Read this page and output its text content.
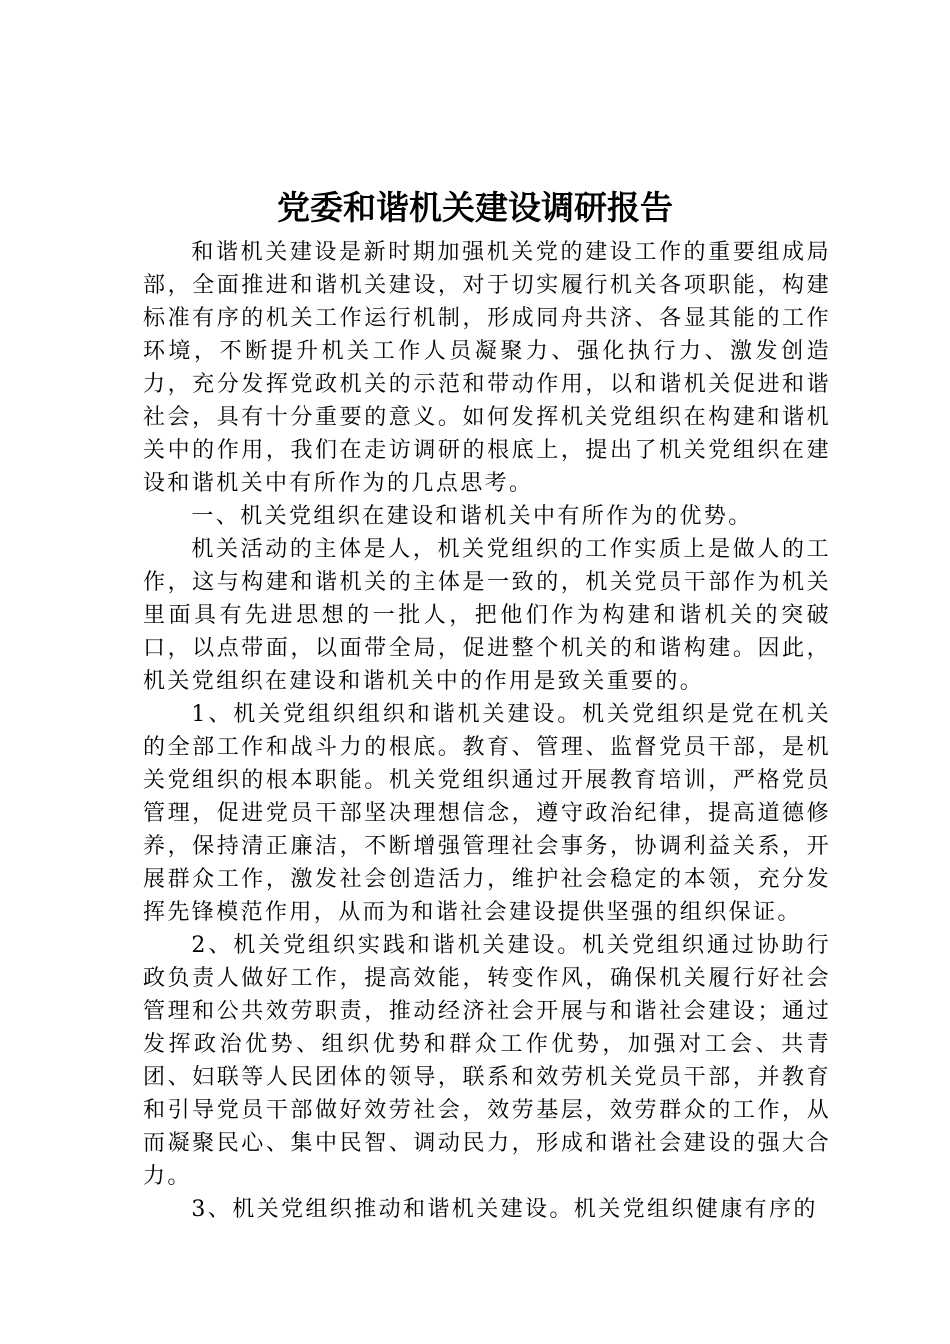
党委和谐机关建设调研报告

和谐机关建设是新时期加强机关党的建设工作的重要组成局部，全面推进和谐机关建设，对于切实履行机关各项职能，构建标准有序的机关工作运行机制，形成同舟共济、各显其能的工作环境，不断提升机关工作人员凝聚力、强化执行力、激发创造力，充分发挥党政机关的示范和带动作用，以和谐机关促进和谐社会，具有十分重要的意义。如何发挥机关党组织在构建和谐机关中的作用，我们在走访调研的根底上，提出了机关党组织在建设和谐机关中有所作为的几点思考。

一、机关党组织在建设和谐机关中有所作为的优势。

机关活动的主体是人，机关党组织的工作实质上是做人的工作，这与构建和谐机关的主体是一致的，机关党员干部作为机关里面具有先进思想的一批人，把他们作为构建和谐机关的突破口，以点带面，以面带全局，促进整个机关的和谐构建。因此，机关党组织在建设和谐机关中的作用是致关重要的。

1、机关党组织组织和谐机关建设。机关党组织是党在机关的全部工作和战斗力的根底。教育、管理、监督党员干部，是机关党组织的根本职能。机关党组织通过开展教育培训，严格党员管理，促进党员干部坚决理想信念，遵守政治纪律，提高道德修养，保持清正廉洁，不断增强管理社会事务，协调利益关系，开展群众工作，激发社会创造活力，维护社会稳定的本领，充分发挥先锋模范作用，从而为和谐社会建设提供坚强的组织保证。

2、机关党组织实践和谐机关建设。机关党组织通过协助行政负责人做好工作，提高效能，转变作风，确保机关履行好社会管理和公共效劳职责，推动经济社会开展与和谐社会建设；通过发挥政治优势、组织优势和群众工作优势，加强对工会、共青团、妇联等人民团体的领导，联系和效劳机关党员干部，并教育和引导党员干部做好效劳社会，效劳基层，效劳群众的工作，从而凝聚民心、集中民智、调动民力，形成和谐社会建设的强大合力。

3、机关党组织推动和谐机关建设。机关党组织健康有序的
